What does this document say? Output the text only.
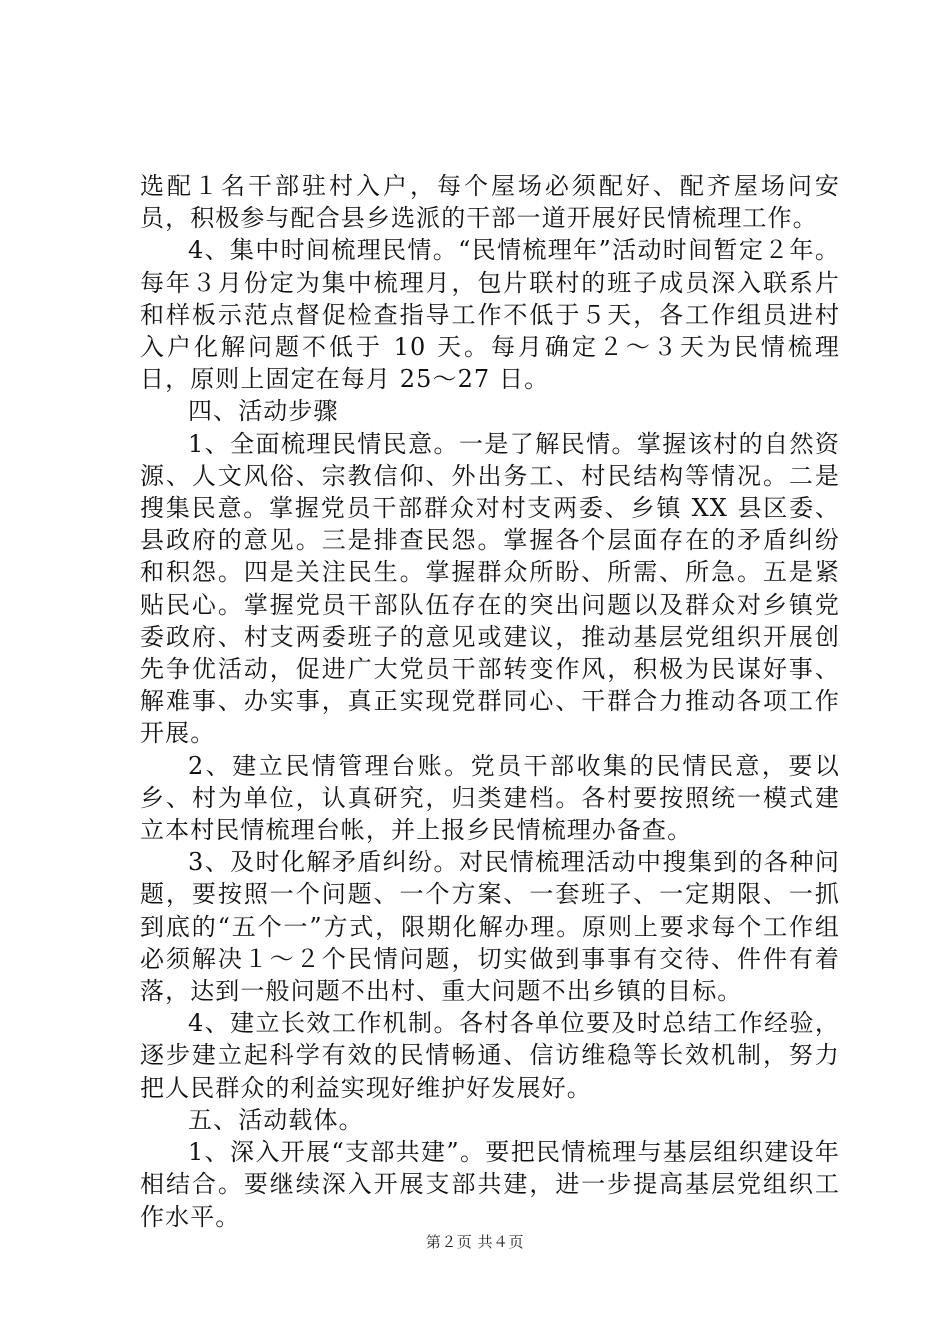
选配１名干部驻村入户，每个屋场必须配好、配齐屋场问安员，积极参与配合县乡选派的干部一道开展好民情梳理工作。

4、集中时间梳理民情。“民情梳理年”活动时间暂定２年。每年３月份定为集中梳理月，包片联村的班子成员深入联系片和样板示范点督促检查指导工作不低于５天，各工作组员进村入户化解问题不低于 10 天。每月确定２～３天为民情梳理日，原则上固定在每月 25～27 日。

四、活动步骤

1、全面梳理民情民意。一是了解民情。掌握该村的自然资源、人文风俗、宗教信仰、外出务工、村民结构等情况。二是搜集民意。掌握党员干部群众对村支两委、乡镇 XX 县区委、县政府的意见。三是排查民怨。掌握各个层面存在的矛盾纠纷和积怨。四是关注民生。掌握群众所盼、所需、所急。五是紧贴民心。掌握党员干部队伍存在的突出问题以及群众对乡镇党委政府、村支两委班子的意见或建议，推动基层党组织开展创先争优活动，促进广大党员干部转变作风，积极为民谋好事、解难事、办实事，真正实现党群同心、干群合力推动各项工作开展。

2、建立民情管理台账。党员干部收集的民情民意，要以乡、村为单位，认真研究，归类建档。各村要按照统一模式建立本村民情梳理台帐，并上报乡民情梳理办备查。

3、及时化解矛盾纠纷。对民情梳理活动中搜集到的各种问题，要按照一个问题、一个方案、一套班子、一定期限、一抓到底的“五个一”方式，限期化解办理。原则上要求每个工作组必须解决１～２个民情问题，切实做到事事有交待、件件有着落，达到一般问题不出村、重大问题不出乡镇的目标。

4、建立长效工作机制。各村各单位要及时总结工作经验，逐步建立起科学有效的民情畅通、信访维稳等长效机制，努力把人民群众的利益实现好维护好发展好。

五、活动载体。

1、深入开展“支部共建”。要把民情梳理与基层组织建设年相结合。要继续深入开展支部共建，进一步提高基层党组织工作水平。

第２页 共４页
